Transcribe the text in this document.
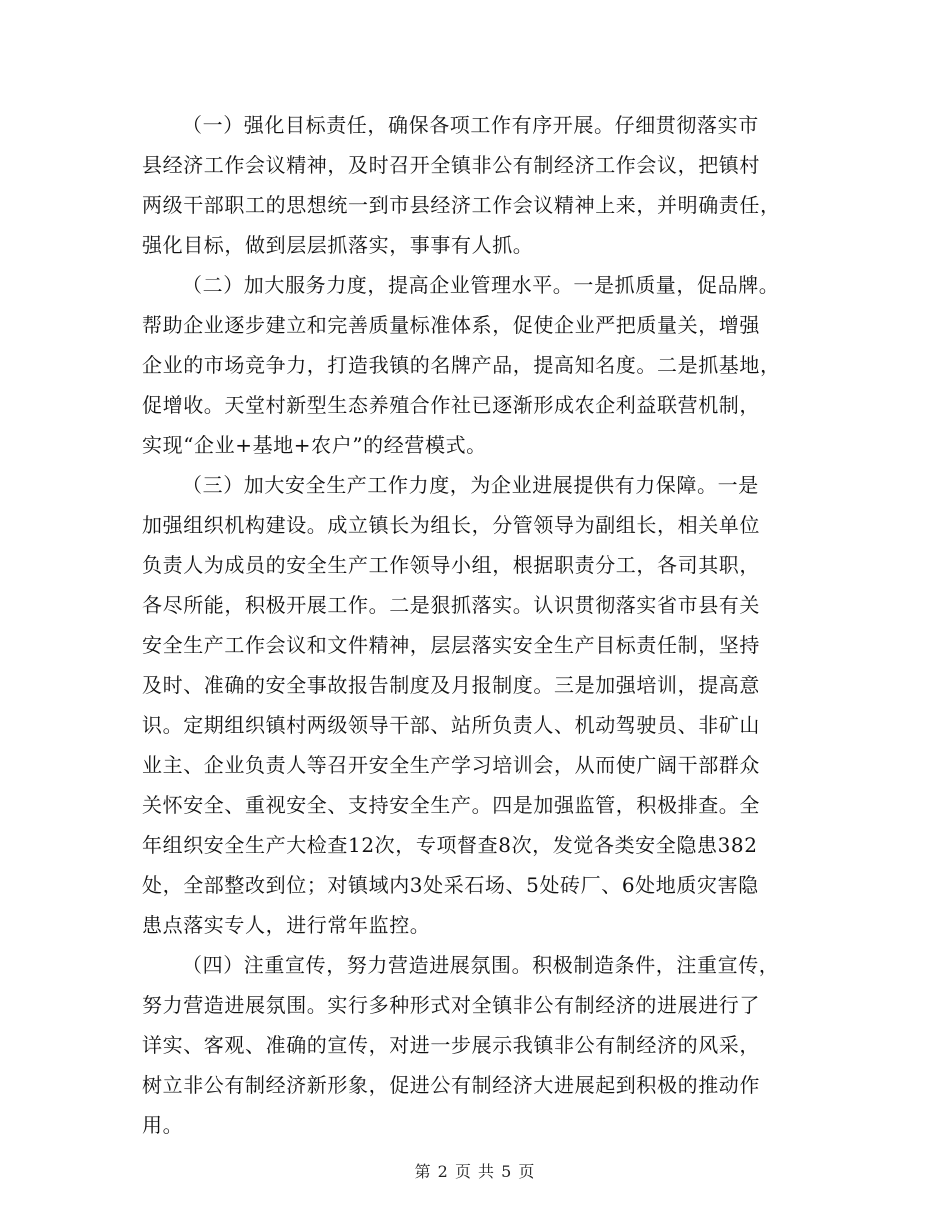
（一）强化目标责任，确保各项工作有序开展。仔细贯彻落实市
县经济工作会议精神，及时召开全镇非公有制经济工作会议，把镇村
两级干部职工的思想统一到市县经济工作会议精神上来，并明确责任，
强化目标，做到层层抓落实，事事有人抓。

（二）加大服务力度，提高企业管理水平。一是抓质量，促品牌。
帮助企业逐步建立和完善质量标准体系，促使企业严把质量关，增强
企业的市场竞争力，打造我镇的名牌产品，提高知名度。二是抓基地，
促增收。天堂村新型生态养殖合作社已逐渐形成农企利益联营机制，
实现“企业+基地+农户”的经营模式。

（三）加大安全生产工作力度，为企业进展提供有力保障。一是
加强组织机构建设。成立镇长为组长，分管领导为副组长，相关单位
负责人为成员的安全生产工作领导小组，根据职责分工，各司其职，
各尽所能，积极开展工作。二是狠抓落实。认识贯彻落实省市县有关
安全生产工作会议和文件精神，层层落实安全生产目标责任制，坚持
及时、准确的安全事故报告制度及月报制度。三是加强培训，提高意
识。定期组织镇村两级领导干部、站所负责人、机动驾驶员、非矿山
业主、企业负责人等召开安全生产学习培训会，从而使广阔干部群众
关怀安全、重视安全、支持安全生产。四是加强监管，积极排查。全
年组织安全生产大检查12次，专项督查8次，发觉各类安全隐患382
处，全部整改到位；对镇域内3处采石场、5处砖厂、6处地质灾害隐
患点落实专人，进行常年监控。

（四）注重宣传，努力营造进展氛围。积极制造条件，注重宣传，
努力营造进展氛围。实行多种形式对全镇非公有制经济的进展进行了
详实、客观、准确的宣传，对进一步展示我镇非公有制经济的风采，
树立非公有制经济新形象，促进公有制经济大进展起到积极的推动作
用。

第 2 页 共 5 页
